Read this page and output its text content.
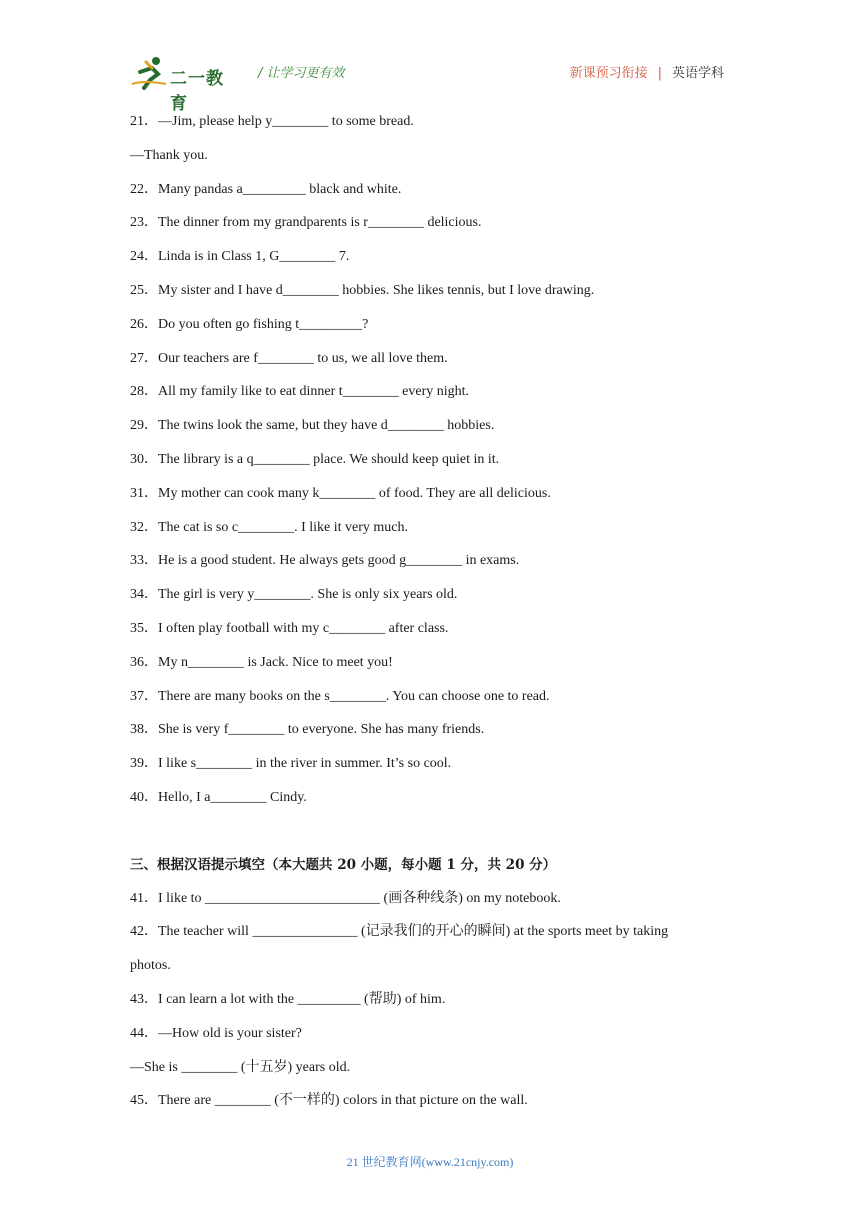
二一教育
/ 让学习更有效	新课预习衔接 | 英语学科
21．—Jim, please help y________ to some bread.
—Thank you.
22．Many pandas a_________ black and white.
23．The dinner from my grandparents is r________ delicious.
24．Linda is in Class 1, G________ 7.
25．My sister and I have d________ hobbies. She likes tennis, but I love drawing.
26．Do you often go fishing t_________?
27．Our teachers are f________ to us, we all love them.
28．All my family like to eat dinner t________ every night.
29．The twins look the same, but they have d________ hobbies.
30．The library is a q________ place. We should keep quiet in it.
31．My mother can cook many k________ of food. They are all delicious.
32．The cat is so c________. I like it very much.
33．He is a good student. He always gets good g________ in exams.
34．The girl is very y________. She is only six years old.
35．I often play football with my c________ after class.
36．My n________ is Jack. Nice to meet you!
37．There are many books on the s________. You can choose one to read.
38．She is very f________ to everyone. She has many friends.
39．I like s________ in the river in summer. It’s so cool.
40．Hello, I a________ Cindy.
三、根据汉语提示填空（本大题共 20 小题，每小题 1 分，共 20 分）
41．I like to _________________________ (画各种线条) on my notebook.
42．The teacher will _______________ (记录我们的开心的瞬间) at the sports meet by taking
photos.
43．I can learn a lot with the _________ (帮助) of him.
44．—How old is your sister?
—She is ________ (十五岁) years old.
45．There are ________ (不一样的) colors in that picture on the wall.
21 世纪教育网(www.21cnjy.com)
